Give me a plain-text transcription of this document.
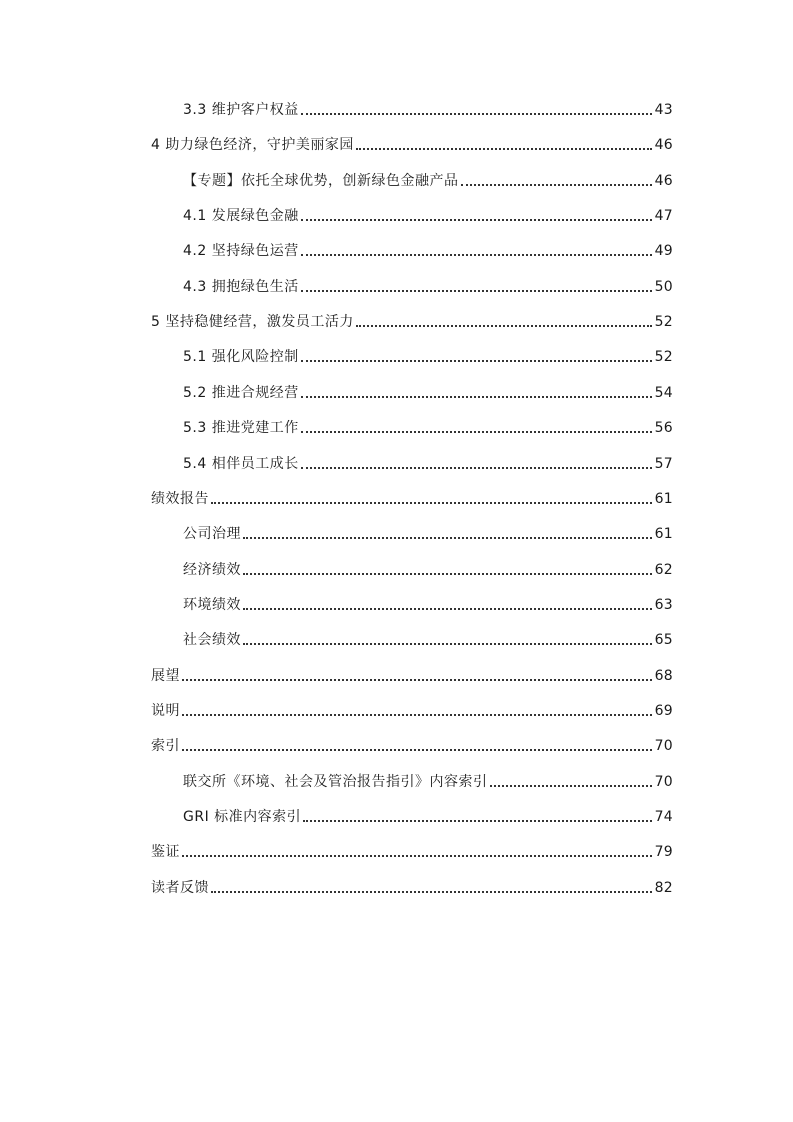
3.3 维护客户权益	43
4 助力绿色经济，守护美丽家园	46
【专题】依托全球优势，创新绿色金融产品	46
4.1 发展绿色金融	47
4.2 坚持绿色运营	49
4.3 拥抱绿色生活	50
5 坚持稳健经营，激发员工活力	52
5.1 强化风险控制	52
5.2 推进合规经营	54
5.3 推进党建工作	56
5.4 相伴员工成长	57
绩效报告	61
公司治理	61
经济绩效	62
环境绩效	63
社会绩效	65
展望	68
说明	69
索引	70
联交所《环境、社会及管治报告指引》内容索引	70
GRI 标准内容索引	74
鉴证	79
读者反馈	82
